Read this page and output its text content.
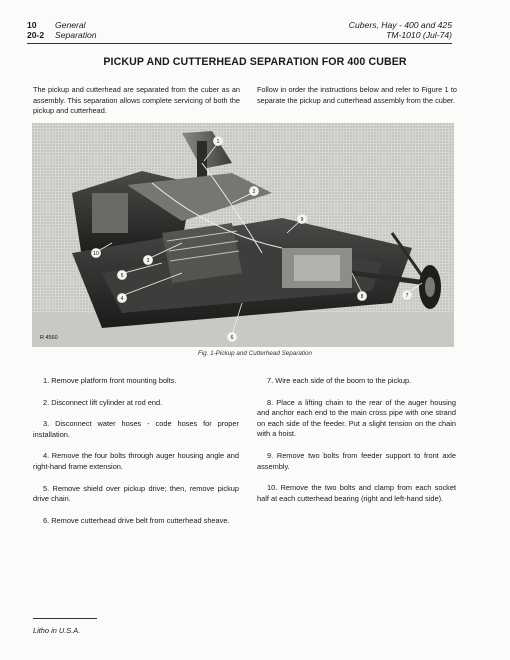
10 General
20-2 Separation
Cubers, Hay - 400 and 425
TM-1010 (Jul-74)
PICKUP AND CUTTERHEAD SEPARATION FOR 400 CUBER

The pickup and cutterhead are separated from the cuber as an assembly. This separation allows complete servicing of both the pickup and cutterhead.

Follow in order the instructions below and refer to Figure 1 to separate the pickup and cutterhead assembly from the cuber.

1
2
3
4
5
6
7
8
9
10
R 4560
Fig. 1-Pickup and Cutterhead Separation

1. Remove platform front mounting bolts.

2. Disconnect lift cylinder at rod end.

3. Disconnect water hoses - code hoses for proper installation.

4. Remove the four bolts through auger housing angle and right-hand frame extension.

5. Remove shield over pickup drive; then, remove pickup drive chain.

6. Remove cutterhead drive belt from cutterhead sheave.

7. Wire each side of the boom to the pickup.

8. Place a lifting chain to the rear of the auger housing and anchor each end to the main cross pipe with one strand on each side of the feeder. Put a slight tension on the chain with a hoist.

9. Remove two bolts from feeder support to front axle assembly.

10. Remove the two bolts and clamp from each socket half at each cutterhead bearing (right and left-hand side).

Litho in U.S.A.
